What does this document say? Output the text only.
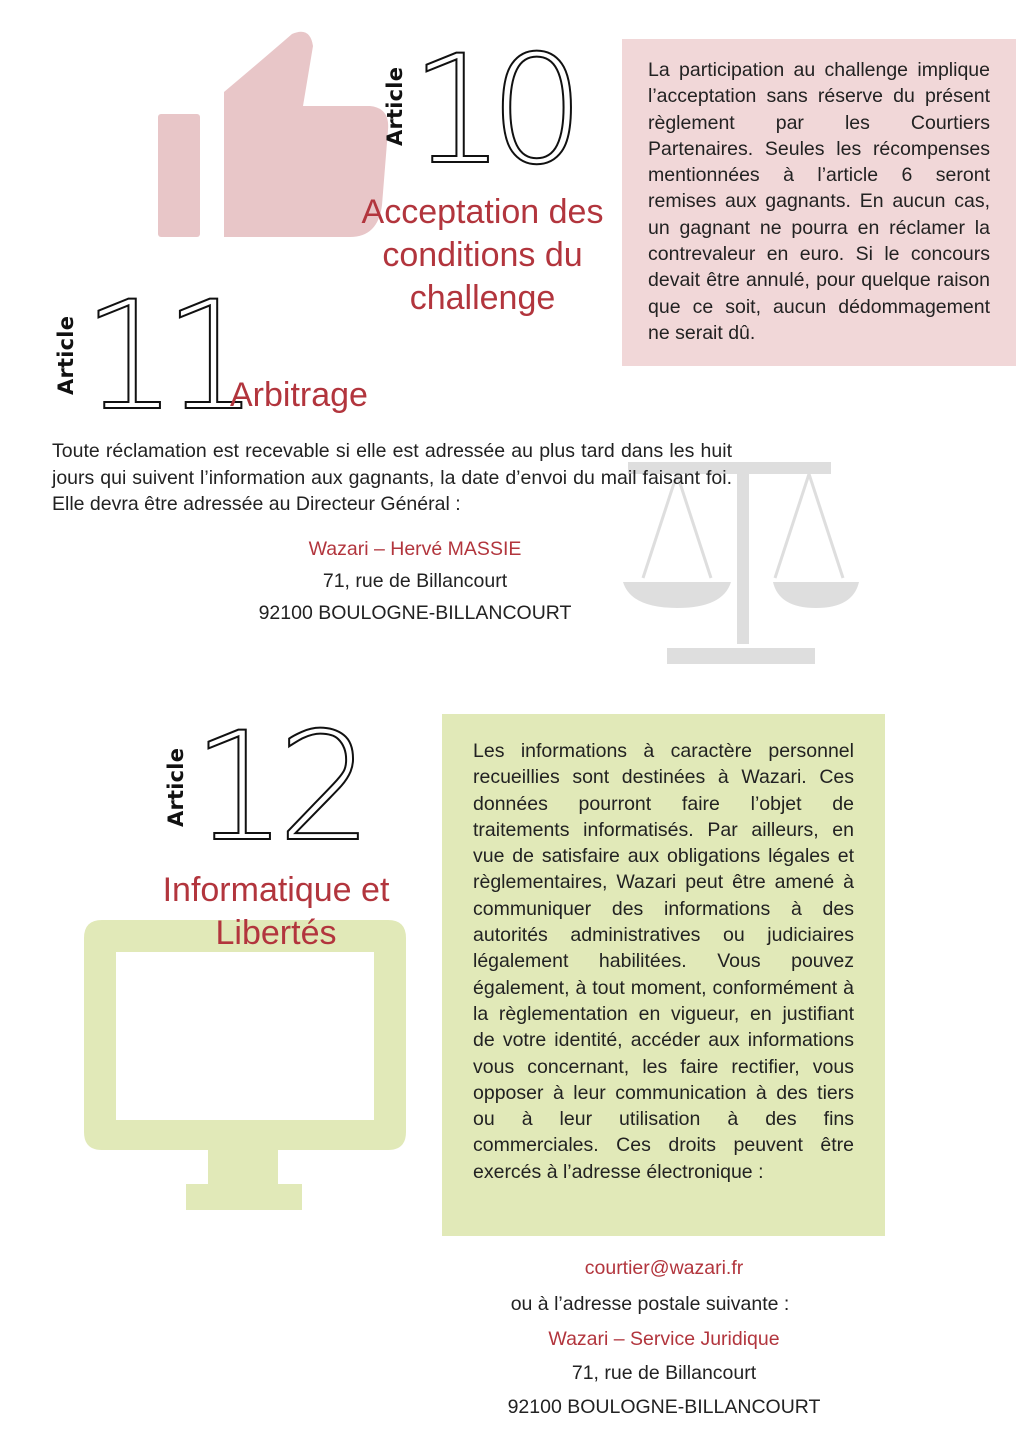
Article 10
Acceptation des
conditions du
challenge
La participation au challenge implique l’acceptation sans réserve du présent règlement par les Courtiers Partenaires. Seules les récompenses mentionnées à l’article 6 seront remises aux gagnants. En aucun cas, un gagnant ne pourra en réclamer la contrevaleur en euro. Si le concours devait être annulé, pour quelque raison que ce soit, aucun dédommagement ne serait dû.
Article 11
Arbitrage
Toute réclamation est recevable si elle est adressée au plus tard dans les huit jours qui suivent l’information aux gagnants, la date d’envoi du mail faisant foi. Elle devra être adressée au Directeur Général :
Wazari – Hervé MASSIE
71, rue de Billancourt
92100 BOULOGNE-BILLANCOURT
Article 12
Informatique et
Libertés
Les informations à caractère personnel recueillies sont destinées à Wazari. Ces données pourront faire l’objet de traitements informatisés. Par ailleurs, en vue de satisfaire aux obligations légales et règlementaires, Wazari peut être amené à communiquer des informations à des autorités administratives ou judiciaires légalement habilitées. Vous pouvez également, à tout moment, conformément à la règlementation en vigueur, en justifiant de votre identité, accéder aux informations vous concernant, les faire rectifier, vous opposer à leur communication à des tiers ou à leur utilisation à des fins commerciales. Ces droits peuvent être exercés à l’adresse électronique :
courtier@wazari.fr
ou à l’adresse postale suivante :
Wazari – Service Juridique
71, rue de Billancourt
92100 BOULOGNE-BILLANCOURT
